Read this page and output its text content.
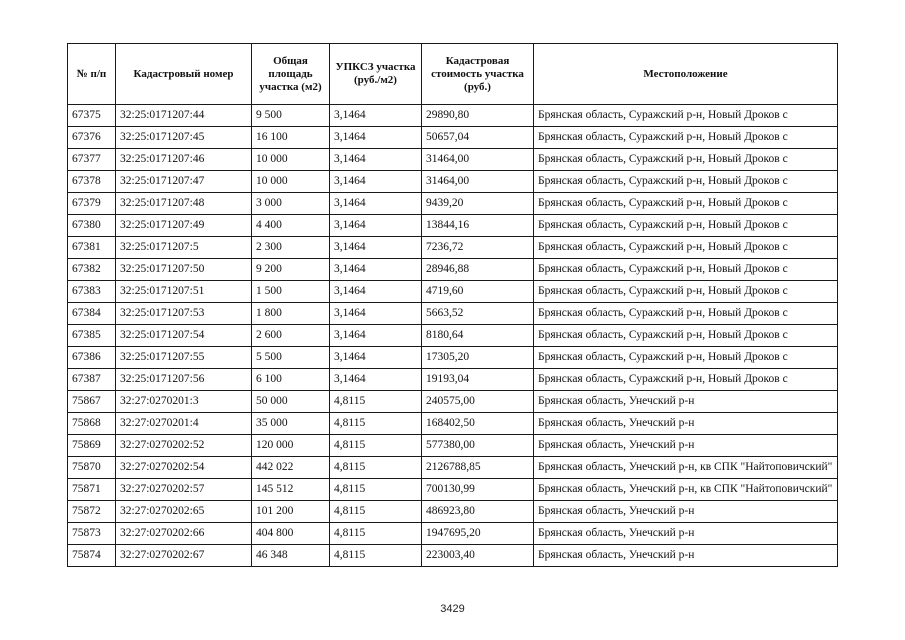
№ п/п	Кадастровый номер	Общая площадь участка (м2)	УПКСЗ участка (руб./м2)	Кадастровая стоимость участка (руб.)	Местоположение
67375	32:25:0171207:44	9 500	3,1464	29890,80	Брянская область, Суражский р-н, Новый Дроков с
67376	32:25:0171207:45	16 100	3,1464	50657,04	Брянская область, Суражский р-н, Новый Дроков с
67377	32:25:0171207:46	10 000	3,1464	31464,00	Брянская область, Суражский р-н, Новый Дроков с
67378	32:25:0171207:47	10 000	3,1464	31464,00	Брянская область, Суражский р-н, Новый Дроков с
67379	32:25:0171207:48	3 000	3,1464	9439,20	Брянская область, Суражский р-н, Новый Дроков с
67380	32:25:0171207:49	4 400	3,1464	13844,16	Брянская область, Суражский р-н, Новый Дроков с
67381	32:25:0171207:5	2 300	3,1464	7236,72	Брянская область, Суражский р-н, Новый Дроков с
67382	32:25:0171207:50	9 200	3,1464	28946,88	Брянская область, Суражский р-н, Новый Дроков с
67383	32:25:0171207:51	1 500	3,1464	4719,60	Брянская область, Суражский р-н, Новый Дроков с
67384	32:25:0171207:53	1 800	3,1464	5663,52	Брянская область, Суражский р-н, Новый Дроков с
67385	32:25:0171207:54	2 600	3,1464	8180,64	Брянская область, Суражский р-н, Новый Дроков с
67386	32:25:0171207:55	5 500	3,1464	17305,20	Брянская область, Суражский р-н, Новый Дроков с
67387	32:25:0171207:56	6 100	3,1464	19193,04	Брянская область, Суражский р-н, Новый Дроков с
75867	32:27:0270201:3	50 000	4,8115	240575,00	Брянская область, Унечский р-н
75868	32:27:0270201:4	35 000	4,8115	168402,50	Брянская область, Унечский р-н
75869	32:27:0270202:52	120 000	4,8115	577380,00	Брянская область, Унечский р-н
75870	32:27:0270202:54	442 022	4,8115	2126788,85	Брянская область, Унечский р-н, кв СПК "Найтоповичский"
75871	32:27:0270202:57	145 512	4,8115	700130,99	Брянская область, Унечский р-н, кв СПК "Найтоповичский"
75872	32:27:0270202:65	101 200	4,8115	486923,80	Брянская область, Унечский р-н
75873	32:27:0270202:66	404 800	4,8115	1947695,20	Брянская область, Унечский р-н
75874	32:27:0270202:67	46 348	4,8115	223003,40	Брянская область, Унечский р-н
3429
